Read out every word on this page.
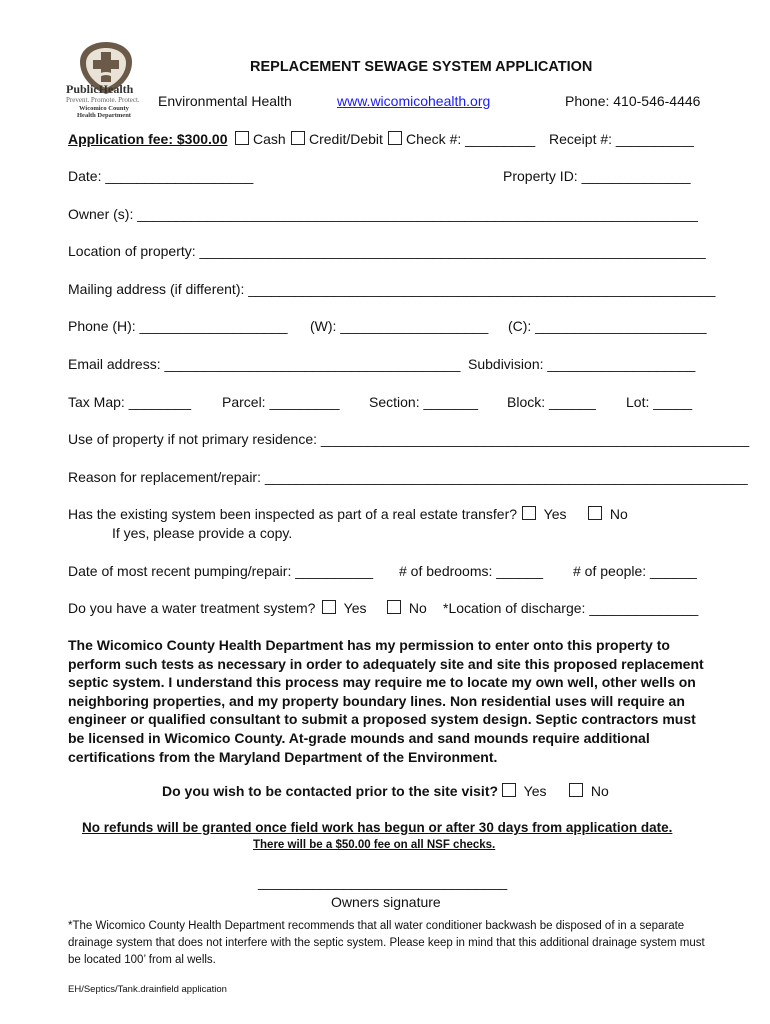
PublicHealth
Prevent. Promote. Protect.
Wicomico County
Health Department
REPLACEMENT SEWAGE SYSTEM APPLICATION
Environmental Health	www.wicomicohealth.org	Phone: 410-546-4446
Application fee: $300.00	Cash	Credit/Debit	Check #: _________ Receipt #: __________
Date: ___________________	Property ID: ______________
Owner (s): ________________________________________________________________________
Location of property: _________________________________________________________________
Mailing address (if different): ____________________________________________________________
Phone (H): ___________________ (W): ___________________ (C): ______________________
Email address: ______________________________________ Subdivision: ___________________
Tax Map: ________ Parcel: _________ Section: _______ Block: ______ Lot: _____
Use of property if not primary residence: _______________________________________________________
Reason for replacement/repair: ______________________________________________________________
Has the existing system been inspected as part of a real estate transfer?	Yes	No
If yes, please provide a copy.
Date of most recent pumping/repair: __________ # of bedrooms: ______ # of people: ______
Do you have a water treatment system?	Yes	No *Location of discharge: ______________
The Wicomico County Health Department has my permission to enter onto this property to perform such tests as necessary in order to adequately site and site this proposed replacement septic system. I understand this process may require me to locate my own well, other wells on neighboring properties, and my property boundary lines. Non residential uses will require an engineer or qualified consultant to submit a proposed system design. Septic contractors must be licensed in Wicomico County. At-grade mounds and sand mounds require additional certifications from the Maryland Department of the Environment.
Do you wish to be contacted prior to the site visit?	Yes	No
No refunds will be granted once field work has begun or after 30 days from application date.
There will be a $50.00 fee on all NSF checks.
________________________________
Owners signature
*The Wicomico County Health Department recommends that all water conditioner backwash be disposed of in a separate drainage system that does not interfere with the septic system. Please keep in mind that this additional drainage system must be located 100’ from al wells.
EH/Septics/Tank.drainfield application
